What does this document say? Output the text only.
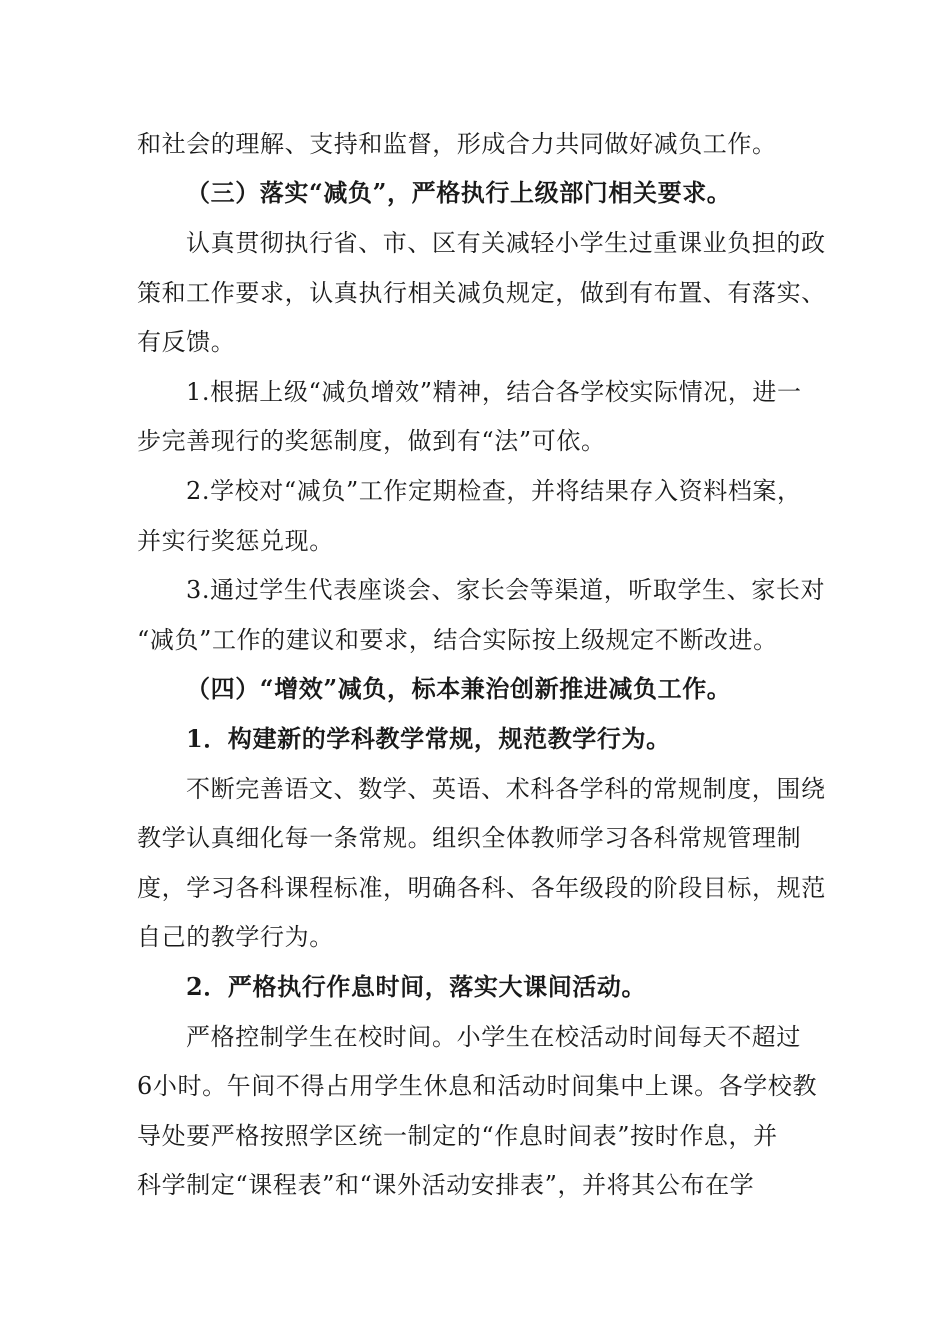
和社会的理解、支持和监督，形成合力共同做好减负工作。
（三）落实“减负”，严格执行上级部门相关要求。
认真贯彻执行省、市、区有关减轻小学生过重课业负担的政
策和工作要求，认真执行相关减负规定，做到有布置、有落实、
有反馈。
1.根据上级“减负增效”精神，结合各学校实际情况，进一
步完善现行的奖惩制度，做到有“法”可依。
2.学校对“减负”工作定期检查，并将结果存入资料档案，
并实行奖惩兑现。
3.通过学生代表座谈会、家长会等渠道，听取学生、家长对
“减负”工作的建议和要求，结合实际按上级规定不断改进。
（四）“增效”减负，标本兼治创新推进减负工作。
1．构建新的学科教学常规，规范教学行为。
不断完善语文、数学、英语、术科各学科的常规制度，围绕
教学认真细化每一条常规。组织全体教师学习各科常规管理制
度，学习各科课程标准，明确各科、各年级段的阶段目标，规范
自己的教学行为。
2．严格执行作息时间，落实大课间活动。
严格控制学生在校时间。小学生在校活动时间每天不超过
6小时。午间不得占用学生休息和活动时间集中上课。各学校教
导处要严格按照学区统一制定的“作息时间表”按时作息，并
科学制定“课程表”和“课外活动安排表”，并将其公布在学
